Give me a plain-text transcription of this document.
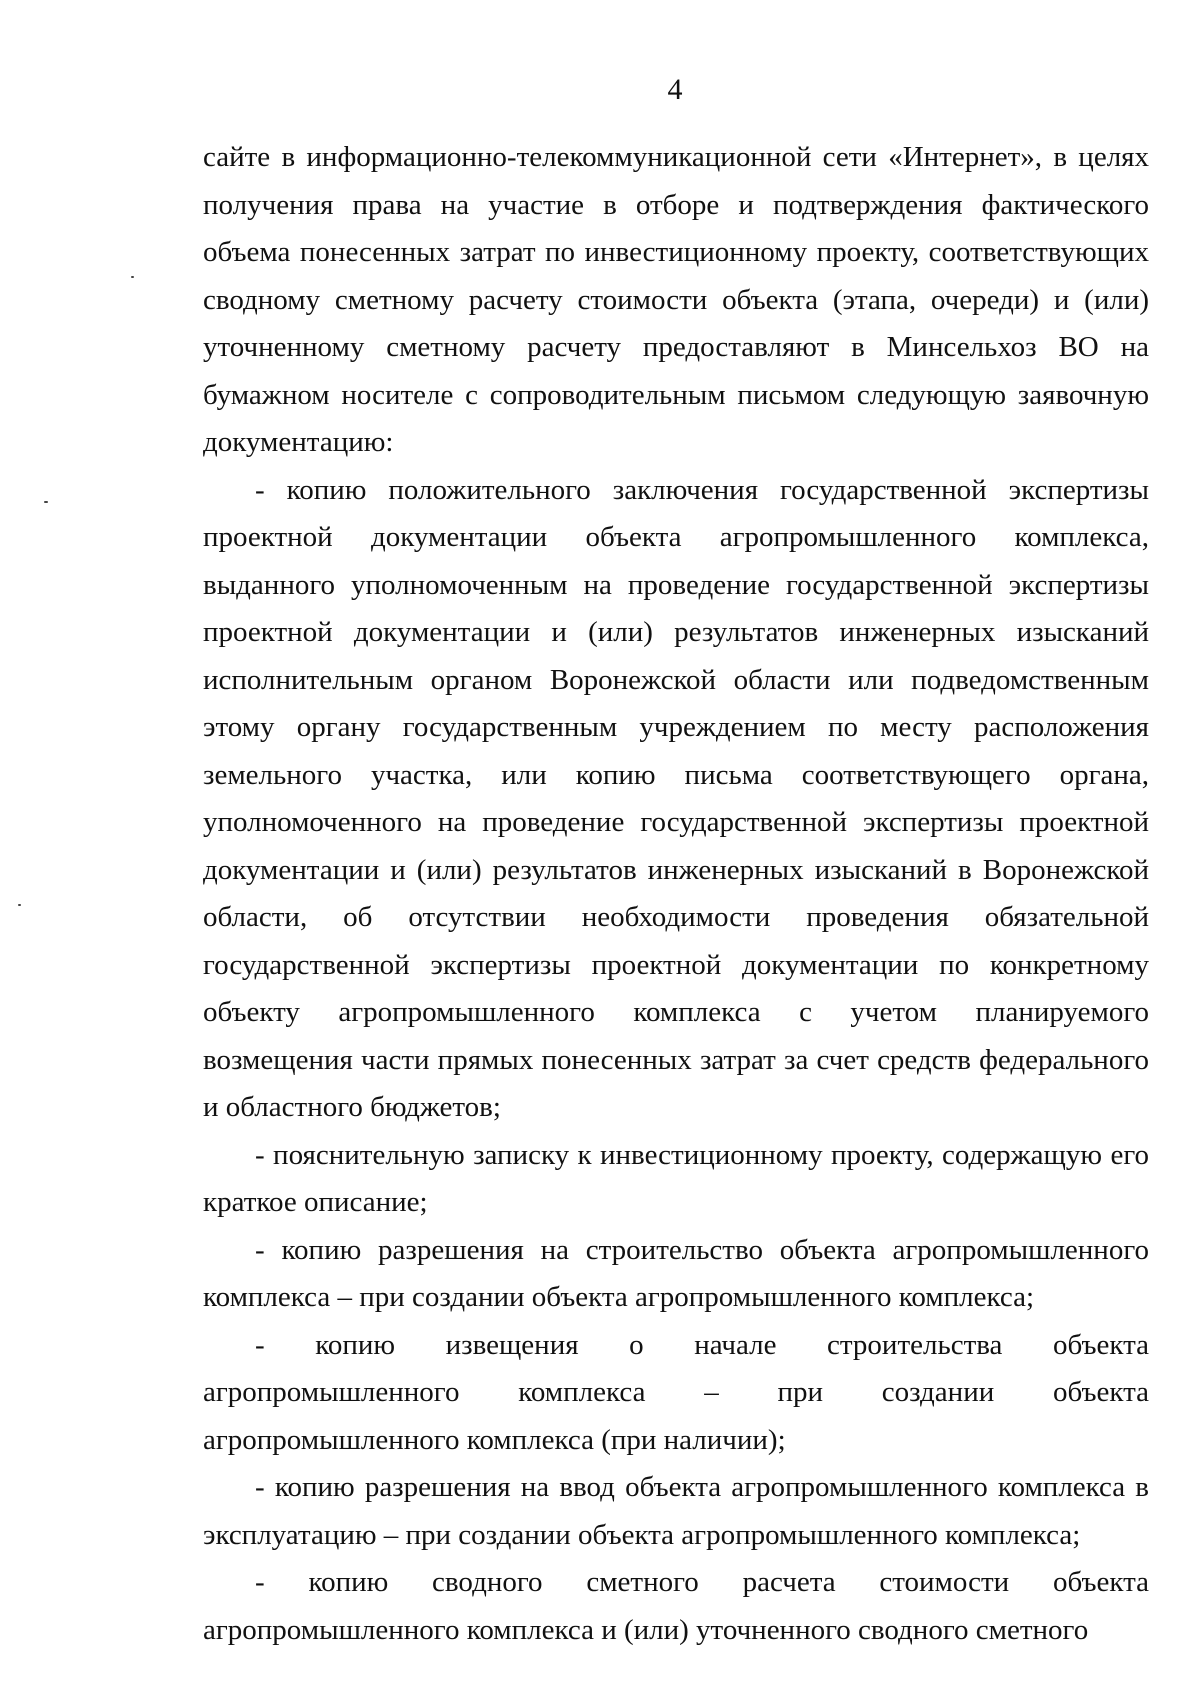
4

сайте в информационно-телекоммуникационной сети «Интернет», в целях получения права на участие в отборе и подтверждения фактического объема понесенных затрат по инвестиционному проекту, соответствующих сводному сметному расчету стоимости объекта (этапа, очереди) и (или) уточненному сметному расчету предоставляют в Минсельхоз ВО на бумажном носителе с сопроводительным письмом следующую заявочную документацию:

- копию положительного заключения государственной экспертизы проектной документации объекта агропромышленного комплекса, выданного уполномоченным на проведение государственной экспертизы проектной документации и (или) результатов инженерных изысканий исполнительным органом Воронежской области или подведомственным этому органу государственным учреждением по месту расположения земельного участка, или копию письма соответствующего органа, уполномоченного на проведение государственной экспертизы проектной документации и (или) результатов инженерных изысканий в Воронежской области, об отсутствии необходимости проведения обязательной государственной экспертизы проектной документации по конкретному объекту агропромышленного комплекса с учетом планируемого возмещения части прямых понесенных затрат за счет средств федерального и областного бюджетов;

- пояснительную записку к инвестиционному проекту, содержащую его краткое описание;

- копию разрешения на строительство объекта агропромышленного комплекса – при создании объекта агропромышленного комплекса;

- копию извещения о начале строительства объекта агропромышленного комплекса – при создании объекта агропромышленного комплекса (при наличии);

- копию разрешения на ввод объекта агропромышленного комплекса в эксплуатацию – при создании объекта агропромышленного комплекса;

- копию сводного сметного расчета стоимости объекта агропромышленного комплекса и (или) уточненного сводного сметного
